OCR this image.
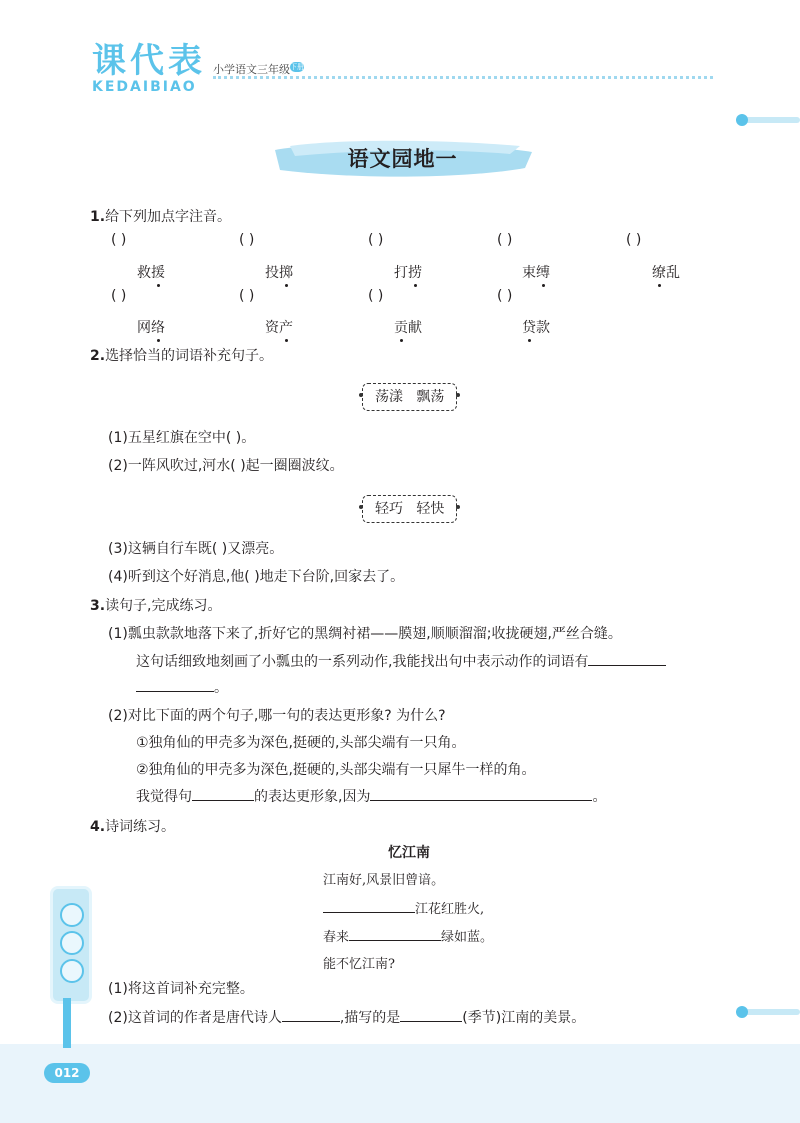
课代表
KEDAIBIAO
小学语文三年级 下册
语文园地一
1.给下列加点字注音。
( )	( )	( )	( )	( )
救援	投掷	打捞	束缚	缭乱
( )	( )	( )	( )
网络	资产	贡献	贷款
2.选择恰当的词语补充句子。
荡漾   飘荡
(1)五星红旗在空中( )。
(2)一阵风吹过,河水( )起一圈圈波纹。
轻巧   轻快
(3)这辆自行车既( )又漂亮。
(4)听到这个好消息,他( )地走下台阶,回家去了。
3.读句子,完成练习。
(1)瓢虫款款地落下来了,折好它的黑绸衬裙——膜翅,顺顺溜溜;收拢硬翅,严丝合缝。
这句话细致地刻画了小瓢虫的一系列动作,我能找出句中表示动作的词语有
。
(2)对比下面的两个句子,哪一句的表达更形象? 为什么?
①独角仙的甲壳多为深色,挺硬的,头部尖端有一只角。
②独角仙的甲壳多为深色,挺硬的,头部尖端有一只犀牛一样的角。
我觉得句	的表达更形象,因为	。
4.诗词练习。
忆江南
江南好,风景旧曾谙。
江花红胜火,
春来	绿如蓝。
能不忆江南?
(1)将这首词补充完整。
(2)这首词的作者是唐代诗人	,描写的是	(季节)江南的美景。
012
